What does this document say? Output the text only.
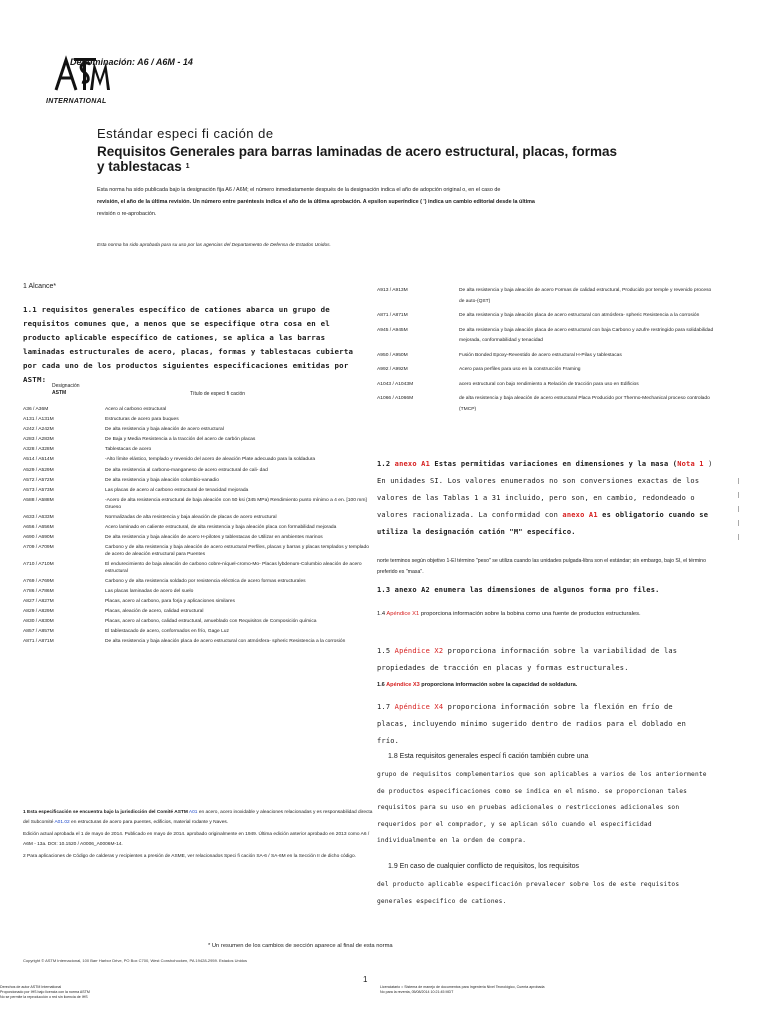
INTERNATIONAL
Denominación: A6 / A6M - 14
Estándar especi fi cación de
Requisitos Generales para barras laminadas de acero estructural, placas, formas y tablestacas $^1$
Esta norma ha sido publicada bajo la designación fija A6 / A6M; el número inmediatamente después de la designación indica el año de adopción original o, en el caso de
revisión, el año de la última revisión. Un número entre paréntesis indica el año de la última aprobación. A epsilon superíndice ( ') indica un cambio editorial desde la última
revisión o re-aprobación.
Esta norma ha sido aprobada para su uso por las agencias del Departamento de Defensa de Estados Unidos.
1 Alcance*
1.1 requisitos generales específico de cationes abarca un grupo de requisitos comunes que, a menos que se especifique otra cosa en el producto aplicable específico de cationes, se aplica a las barras laminadas estructurales de acero, placas, formas y tablestacas cubierta por cada uno de los productos siguientes especificaciones emitidas por ASTM:
Designación
ASTM	Título de especi fi cación
A36 / A36M	Acero al carbono estructural
A131 / A131M	Estructuras de acero para buques
A242 / A242M	De alta resistencia y baja aleación de acero estructural
A283 / A283M	De Baja y Media Resistencia a la tracción del acero de carbón placas
A328 / A328M	Tablestacas de acero
A514 / A514M	-Alto límite elástico, templado y revenido del acero de aleación Plate adecuado para la soldadura
A529 / A529M	De alta resistencia al carbono-manganeso de acero estructural de cali- dad
A572 / A572M	De alta resistencia y baja aleación columbio-vanadio
A573 / A573M	Las placas de acero al carbono estructural de tenacidad mejorada
A588 / A588M	-Acero de alta resistencia estructural de baja aleación con 50 ksi (345 MPa) Rendimiento punto mínimo a 4 en. [100 mm] Grueso
A633 / A633M	Normalizadas de alta resistencia y baja aleación de placas de acero estructural
A656 / A656M	Acero laminado en caliente estructural, de alta resistencia y baja aleación placa con formabilidad mejorada
A690 / A690M	De alta resistencia y baja aleación de acero H-pilotes y tablestacas de Utilizar en ambientes marinos
A709 / A709M	Carbono y de alta resistencia y baja aleación de acero estructural Perfiles, placas y barras y placas templados y templado de acero de aleación estructural para Puentes
A710 / A710M	El endurecimiento de baja aleación de carbono cobre-níquel-cromo-Mo- Placas lybdenum-Columbio aleación de acero estructural
A769 / A769M	Carbono y de alta resistencia soldado por resistencia eléctrica de acero formas estructurales
A786 / A786M	Las placas laminadas de acero del suelo
A827 / A827M	Placas, acero al carbono, para forja y aplicaciones similares
A829 / A829M	Placas, aleación de acero, calidad estructural
A830 / A830M	Placas, acero al carbono, calidad estructural, amueblado con Requisitos de Composición química
A857 / A857M	El tablestacado de acero, conformados en frío, Gage Luz
A871 / A871M	De alta resistencia y baja aleación placa de acero estructural con atmósfera- spheric Resistencia a la corrosión
A913 / A913M	De alta resistencia y baja aleación de acero Formas de calidad estructural, Producido por temple y revenido proceso de auto-(QST)
A871 / A871M	De alta resistencia y baja aleación placa de acero estructural con atmósfera- spheric Resistencia a la corrosión
A945 / A945M	De alta resistencia y baja aleación placa de acero estructural con baja Carbono y azufre restringido para solidabilidad mejorada, conformabilidad y tenacidad
A950 / A950M	Fusión Bonded Epoxy-Revestido de acero estructural H-Pilas y tablestacas
A992 / A992M	Acero para perfiles para uso en la construcción Framing
A1043 / A1043M	acero estructural con bajo rendimiento a Relación de tracción para uso en Edificios
A1066 / A1066M	de alta resistencia y baja aleación de acero estructural Placa Producido por Thermo-Mechanical proceso controlado (TMCP)
1.2 anexo A1 Estas permitidas variaciones en dimensiones y la masa (Nota 1 ) En unidades SI. Los valores enumerados no son conversiones exactas de los valores de las Tablas 1 a 31 incluido, pero son, en cambio, redondeado o valores racionalizada. La conformidad con anexo A1 es obligatorio cuando se utiliza la designación catión "M" específico.
norte terminos según objetivo 1-El término "peso" se utiliza cuando las unidades pulgada-libra son el estándar; sin embargo, bajo SI, el término preferido es "masa".
1.3 anexo A2 enumera las dimensiones de algunos forma pro files.
1.4 Apéndice X1 proporciona información sobre la bobina como una fuente de productos estructurales.
1.5 Apéndice X2 proporciona información sobre la variabilidad de las propiedades de tracción en placas y formas estructurales.
1.6 Apéndice X3 proporciona información sobre la capacidad de soldadura.
1.7 Apéndice X4 proporciona información sobre la flexión en frío de placas, incluyendo mínimo sugerido dentro de radios para el doblado en frío.
1.8 Esta requisitos generales especí fi cación también cubre una
grupo de requisitos complementarios que son aplicables a varios de los anteriormente de productos especificaciones como se indica en el mismo. se proporcionan tales requisitos para su uso en pruebas adicionales o restricciones adicionales son requeridos por el comprador, y se aplican sólo cuando el especificidad individualmente en la orden de compra.
1.9 En caso de cualquier conflicto de requisitos, los requisitos
del producto aplicable especificación prevalecer sobre los de este requisitos generales especifico de cationes.
1 Esta especificación se encuentra bajo la jurisdicción del Comité ASTM A01 en acero, acero inoxidable y aleaciones relacionadas y es responsabilidad directa del Subcomité A01.02 en estructuras de acero para puentes, edificios, material rodante y Naves.
Edición actual aprobada el 1 de mayo de 2014. Publicado en mayo de 2014. aprobado originalmente en 1949. Última edición anterior aprobado en 2013 como A6 / A6M - 13a. DOI: 10.1520 / A0006_A0006M-14.
2 Para aplicaciones de Código de calderas y recipientes a presión de ASME, ver relacionados Speci fi cación SA-6 / SA-6M en la Sección II de dicho código.
* Un resumen de los cambios de sección aparece al final de esta norma
Copyright © ASTM Internacional, 100 Barr Harbor Drive, PO Box C700, West Conshohocken, PA 19428-2959. Estados Unidos
1
Derechos de autor ASTM International
Proporcionado por IHS bajo licencia con la norma ASTM
No se permite la reproducción o red sin licencia de IHS
Licenciatario = Sistema de manejo de documentos para Ingeniería Nivel Tecnológico, Cuenta aprobada
No para la reventa, 05/08/2014 10:21:45 MDT
